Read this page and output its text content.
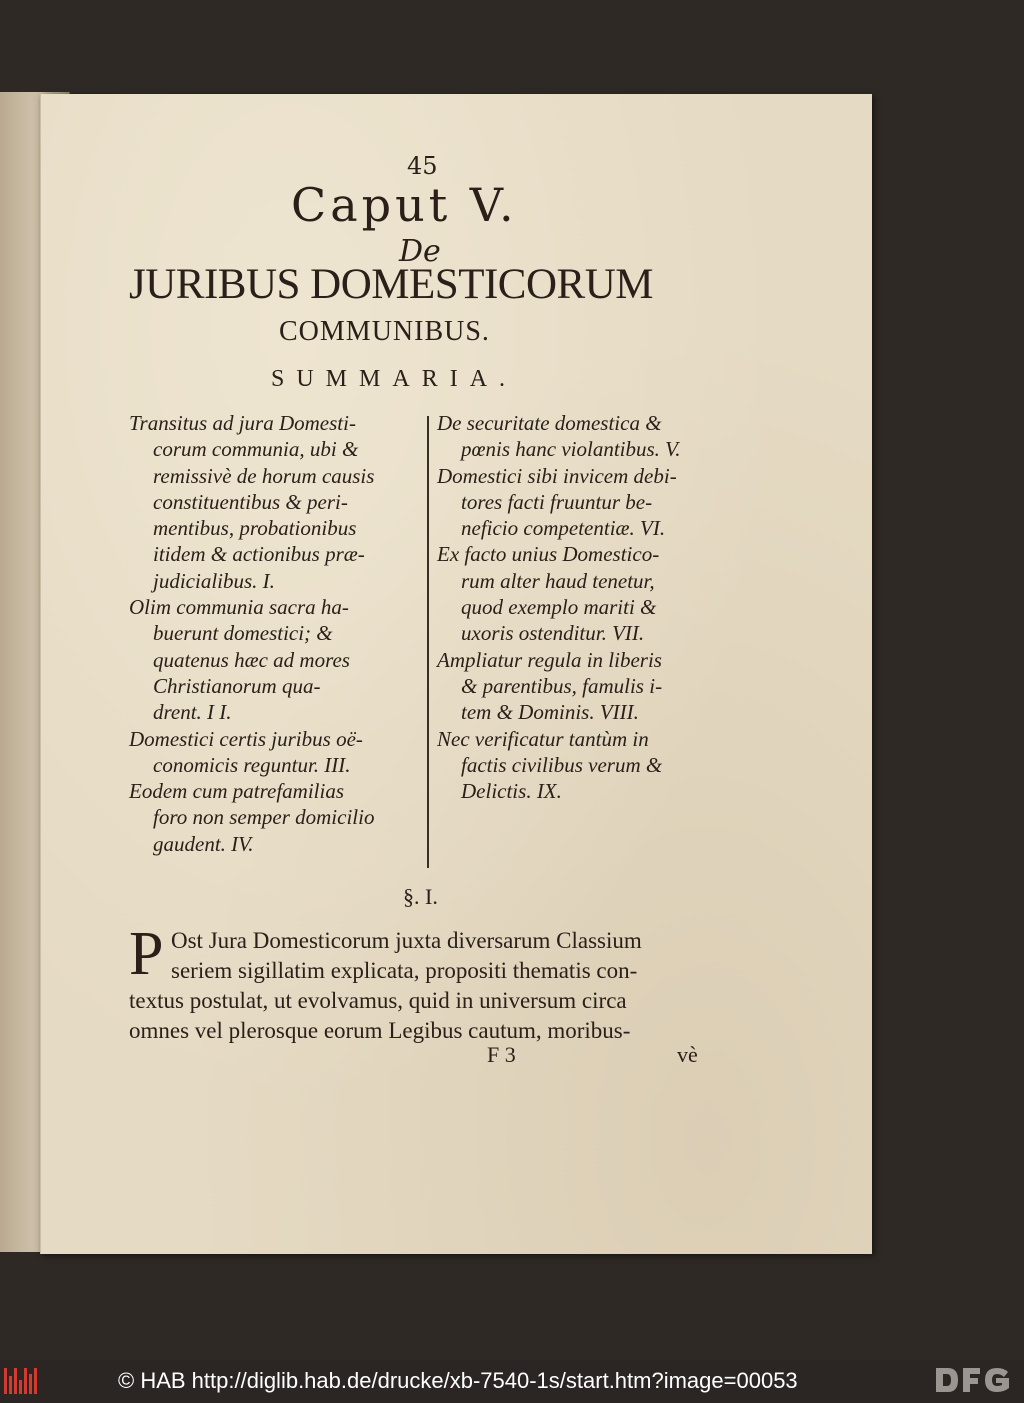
45
Caput V.
De
JURIBUS DOMESTICORUM
COMMUNIBUS.
SUMMARIA.
Transitus ad jura Domesti-
corum communia, ubi &
remissivè de horum causis
constituentibus & peri-
mentibus, probationibus
itidem & actionibus præ-
judicialibus. I.
Olim communia sacra ha-
buerunt domestici; &
quatenus hæc ad mores
Christianorum qua-
drent. I I.
Domestici certis juribus oë-
conomicis reguntur. III.
Eodem cum patrefamilias
foro non semper domicilio
gaudent. IV.
De securitate domestica &
pœnis hanc violantibus. V.
Domestici sibi invicem debi-
tores facti fruuntur be-
neficio competentiæ. VI.
Ex facto unius Domestico-
rum alter haud tenetur,
quod exemplo mariti &
uxoris ostenditur. VII.
Ampliatur regula in liberis
& parentibus, famulis i-
tem & Dominis. VIII.
Nec verificatur tantùm in
factis civilibus verum &
Delictis. IX.
§. I.
P Ost Jura Domesticorum juxta diversarum Classium
seriem sigillatim explicata, propositi thematis con-
textus postulat, ut evolvamus, quid in universum circa
omnes vel plerosque eorum Legibus cautum, moribus-
F 3	vè
© HAB http://diglib.hab.de/drucke/xb-7540-1s/start.htm?image=00053
